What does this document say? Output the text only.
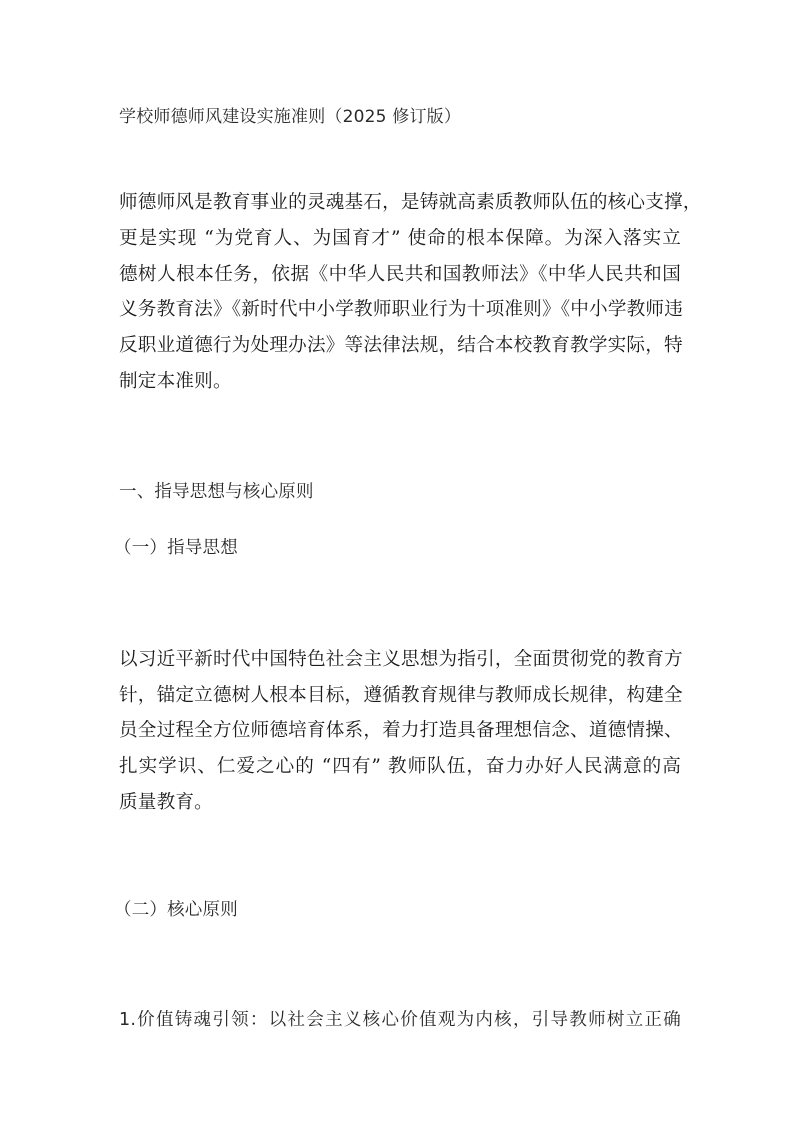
学校师德师风建设实施准则（2025 修订版）
师德师风是教育事业的灵魂基石，是铸就高素质教师队伍的核心支撑，
更是实现 “为党育人、为国育才” 使命的根本保障。为深入落实立
德树人根本任务，依据《中华人民共和国教师法》《中华人民共和国
义务教育法》《新时代中小学教师职业行为十项准则》《中小学教师违
反职业道德行为处理办法》等法律法规，结合本校教育教学实际，特
制定本准则。
一、指导思想与核心原则
（一）指导思想
以习近平新时代中国特色社会主义思想为指引，全面贯彻党的教育方
针，锚定立德树人根本目标，遵循教育规律与教师成长规律，构建全
员全过程全方位师德培育体系，着力打造具备理想信念、道德情操、
扎实学识、仁爱之心的 “四有” 教师队伍，奋力办好人民满意的高
质量教育。
（二）核心原则
1.价值铸魂引领：以社会主义核心价值观为内核，引导教师树立正确
